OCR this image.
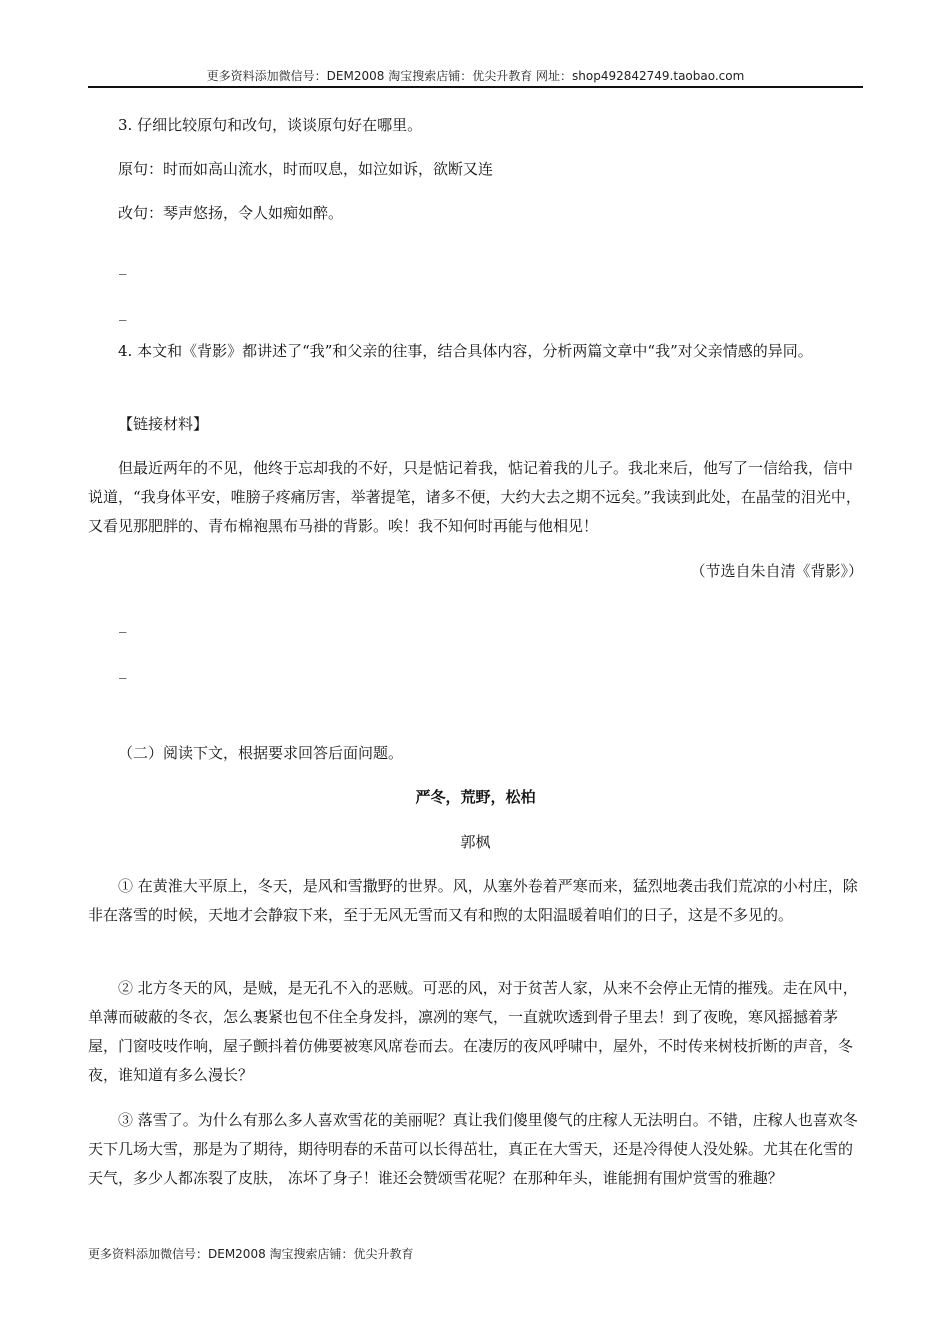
更多资料添加微信号：DEM2008 淘宝搜索店铺：优尖升教育 网址：shop492842749.taobao.com

3. 仔细比较原句和改句，谈谈原句好在哪里。

原句：时而如高山流水，时而叹息，如泣如诉，欲断又连

改句：琴声悠扬，令人如痴如醉。

_
_

4. 本文和《背影》都讲述了“我”和父亲的往事，结合具体内容，分析两篇文章中“我”对父亲情感的异同。

【链接材料】

但最近两年的不见，他终于忘却我的不好，只是惦记着我，惦记着我的儿子。我北来后，他写了一信给我，信中说道，“我身体平安，唯膀子疼痛厉害，举著提笔，诸多不便，大约大去之期不远矣。”我读到此处，在晶莹的泪光中，又看见那肥胖的、青布棉袍黑布马褂的背影。唉！我不知何时再能与他相见！

（节选自朱自清《背影》）

_
_

（二）阅读下文，根据要求回答后面问题。

严冬，荒野，松柏

郭枫

① 在黄淮大平原上，冬天，是风和雪撒野的世界。风，从塞外卷着严寒而来，猛烈地袭击我们荒凉的小村庄，除非在落雪的时候，天地才会静寂下来，至于无风无雪而又有和煦的太阳温暖着咱们的日子，这是不多见的。

② 北方冬天的风，是贼，是无孔不入的恶贼。可恶的风，对于贫苦人家，从来不会停止无情的摧残。走在风中，单薄而破蔽的冬衣，怎么裹紧也包不住全身发抖，凛冽的寒气，一直就吹透到骨子里去！到了夜晚，寒风摇撼着茅屋，门窗吱吱作响，屋子颤抖着仿佛要被寒风席卷而去。在凄厉的夜风呼啸中，屋外，不时传来树枝折断的声音，冬夜，谁知道有多么漫长？

③ 落雪了。为什么有那么多人喜欢雪花的美丽呢？真让我们傻里傻气的庄稼人无法明白。不错，庄稼人也喜欢冬天下几场大雪，那是为了期待，期待明春的禾苗可以长得茁壮，真正在大雪天，还是冷得使人没处躲。尤其在化雪的天气，多少人都冻裂了皮肤， 冻坏了身子！谁还会赞颂雪花呢？在那种年头，谁能拥有围炉赏雪的雅趣？

更多资料添加微信号：DEM2008 淘宝搜索店铺：优尖升教育
